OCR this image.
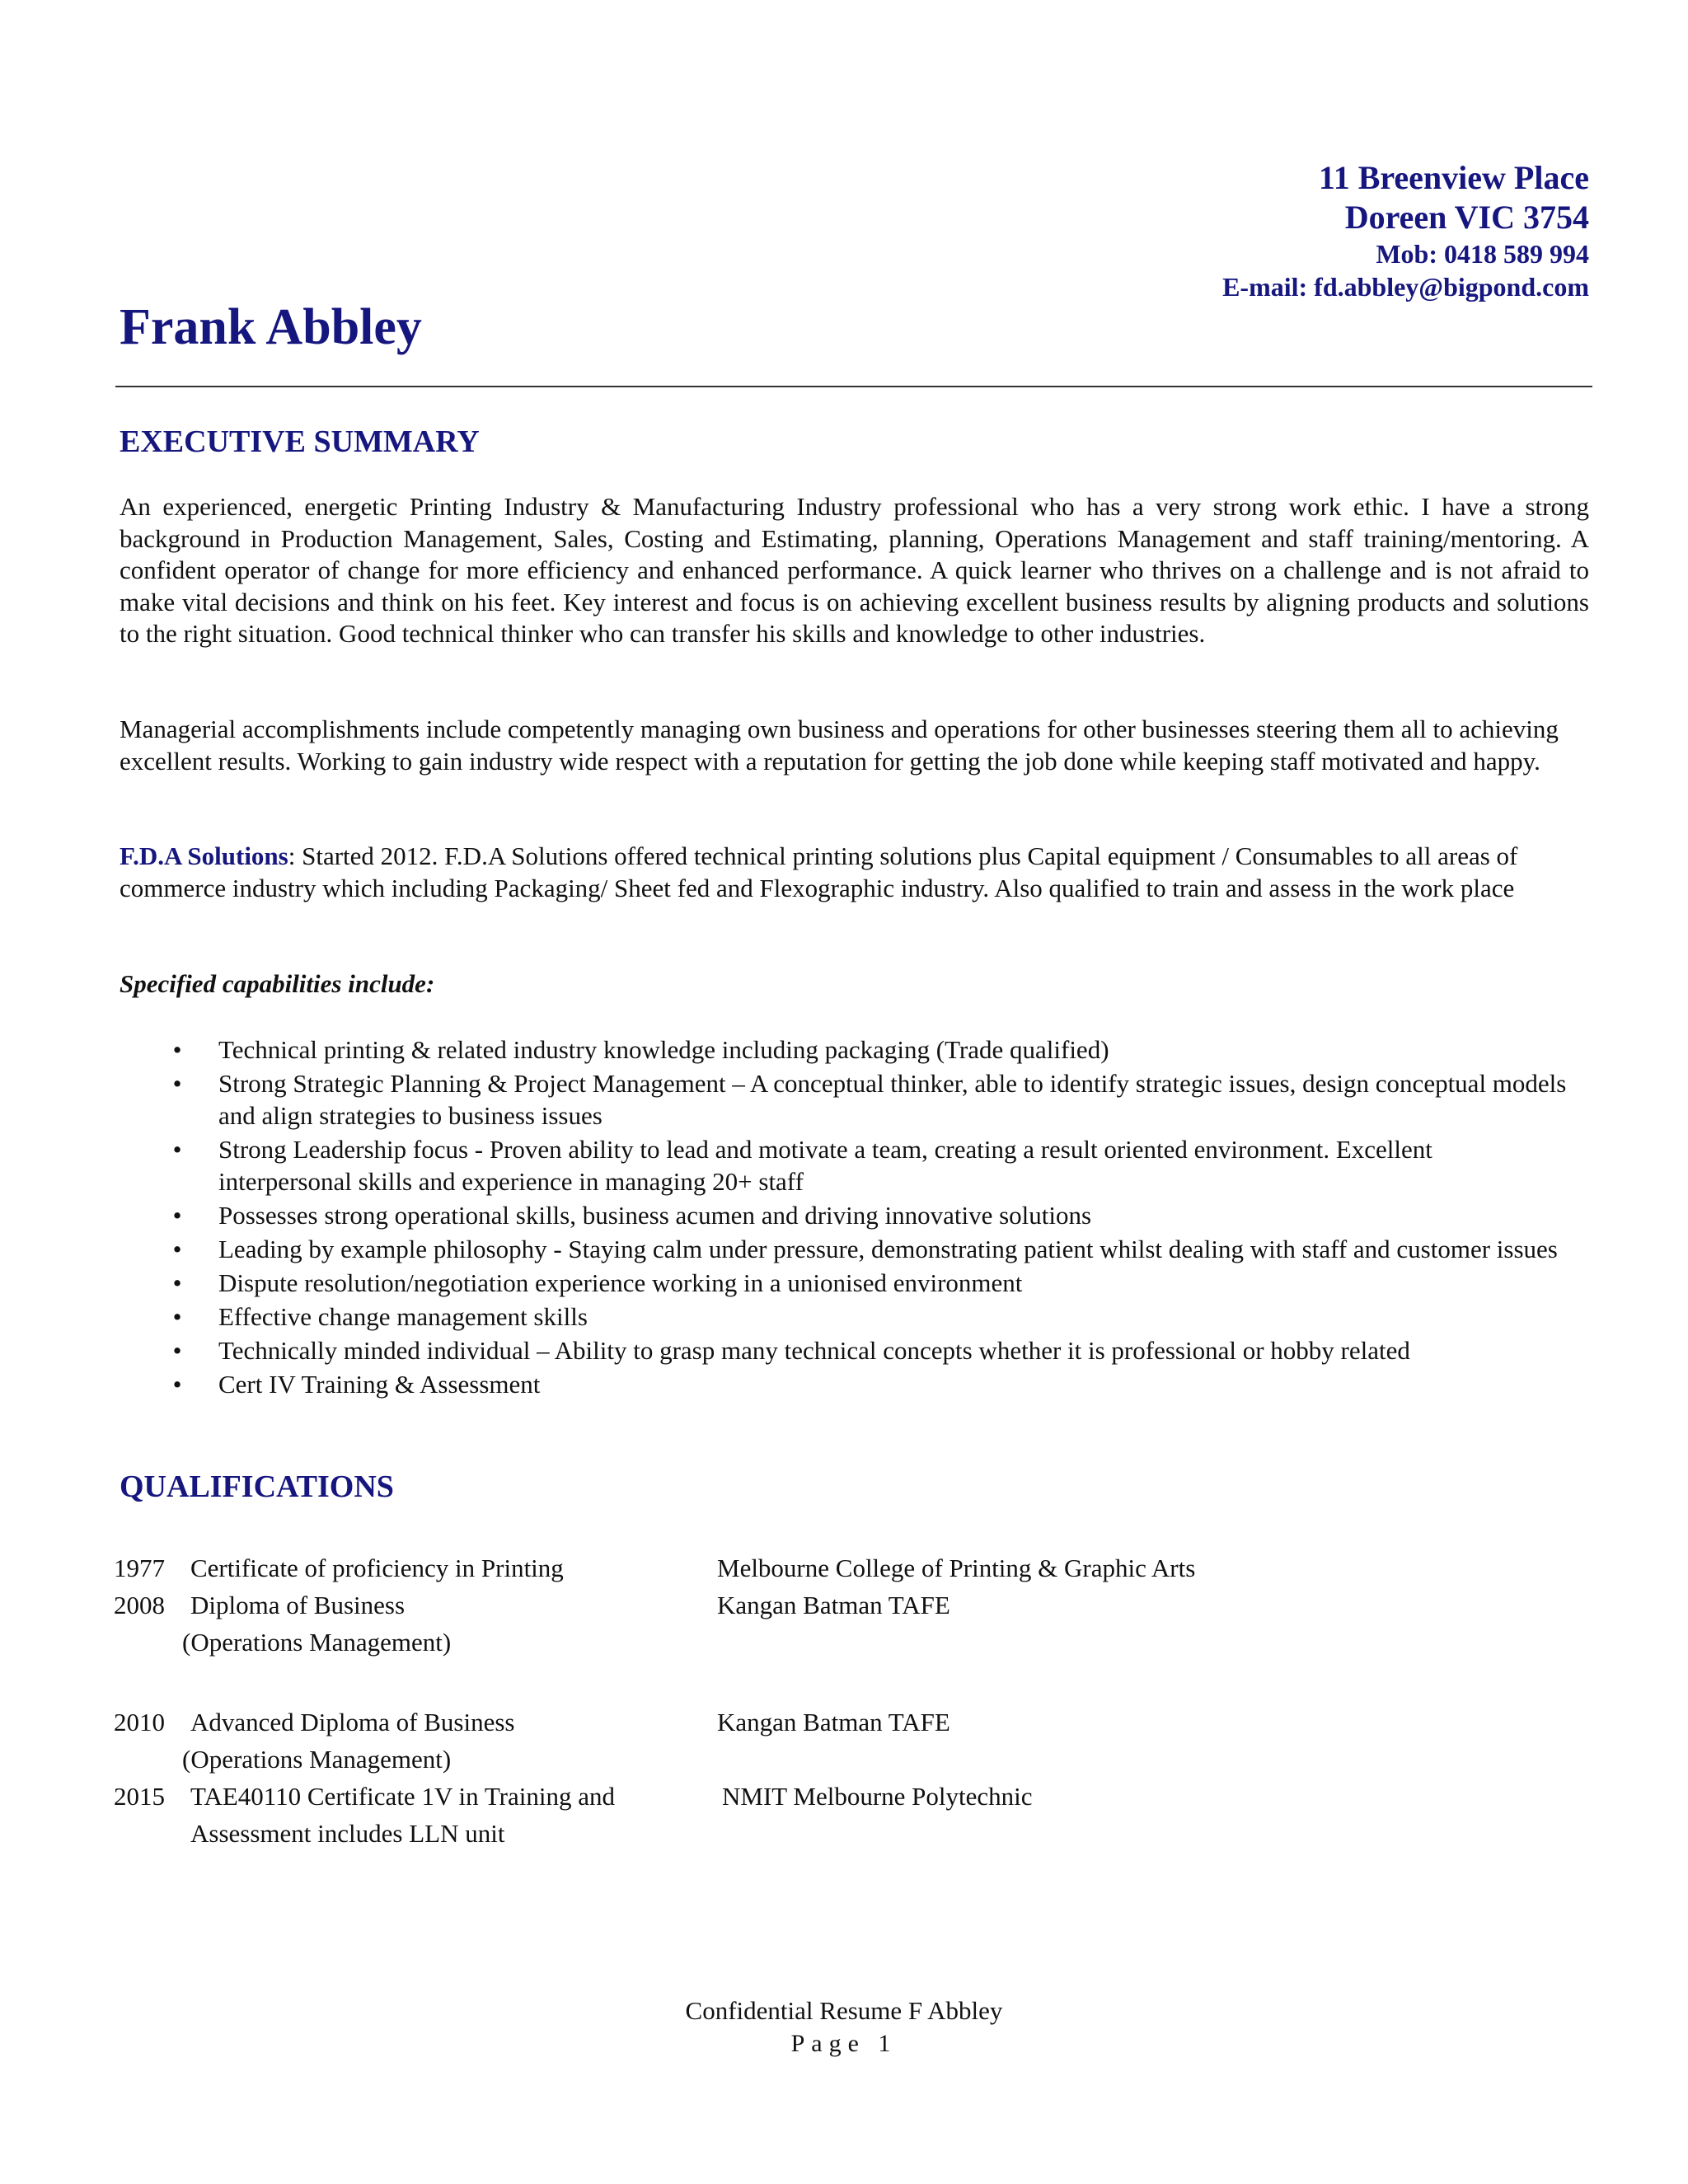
11 Breenview Place
Doreen VIC 3754
Mob: 0418 589 994
E-mail: fd.abbley@bigpond.com
Frank Abbley
EXECUTIVE SUMMARY

An experienced, energetic Printing Industry & Manufacturing Industry professional who has a very strong work ethic. I have a strong background in Production Management, Sales, Costing and Estimating, planning, Operations Management and staff training/mentoring. A confident operator of change for more efficiency and enhanced performance. A quick learner who thrives on a challenge and is not afraid to make vital decisions and think on his feet. Key interest and focus is on achieving excellent business results by aligning products and solutions to the right situation. Good technical thinker who can transfer his skills and knowledge to other industries.

Managerial accomplishments include competently managing own business and operations for other businesses steering them all to achieving excellent results. Working to gain industry wide respect with a reputation for getting the job done while keeping staff motivated and happy.

F.D.A Solutions: Started 2012. F.D.A Solutions offered technical printing solutions plus Capital equipment / Consumables to all areas of commerce industry which including Packaging/ Sheet fed and Flexographic industry. Also qualified to train and assess in the work place

Specified capabilities include:
• Technical printing & related industry knowledge including packaging (Trade qualified)
• Strong Strategic Planning & Project Management – A conceptual thinker, able to identify strategic issues, design conceptual models and align strategies to business issues
• Strong Leadership focus - Proven ability to lead and motivate a team, creating a result oriented environment. Excellent interpersonal skills and experience in managing 20+ staff
• Possesses strong operational skills, business acumen and driving innovative solutions
• Leading by example philosophy - Staying calm under pressure, demonstrating patient whilst dealing with staff and customer issues
• Dispute resolution/negotiation experience working in a unionised environment
• Effective change management skills
• Technically minded individual – Ability to grasp many technical concepts whether it is professional or hobby related
• Cert IV Training & Assessment
QUALIFICATIONS
1977 Certificate of proficiency in Printing	Melbourne College of Printing & Graphic Arts
2008 Diploma of Business	Kangan Batman TAFE
(Operations Management)
2010 Advanced Diploma of Business	Kangan Batman TAFE
(Operations Management)
2015 TAE40110 Certificate 1V in Training and	NMIT Melbourne Polytechnic
Assessment includes LLN unit
Confidential Resume F Abbley
Page 1
